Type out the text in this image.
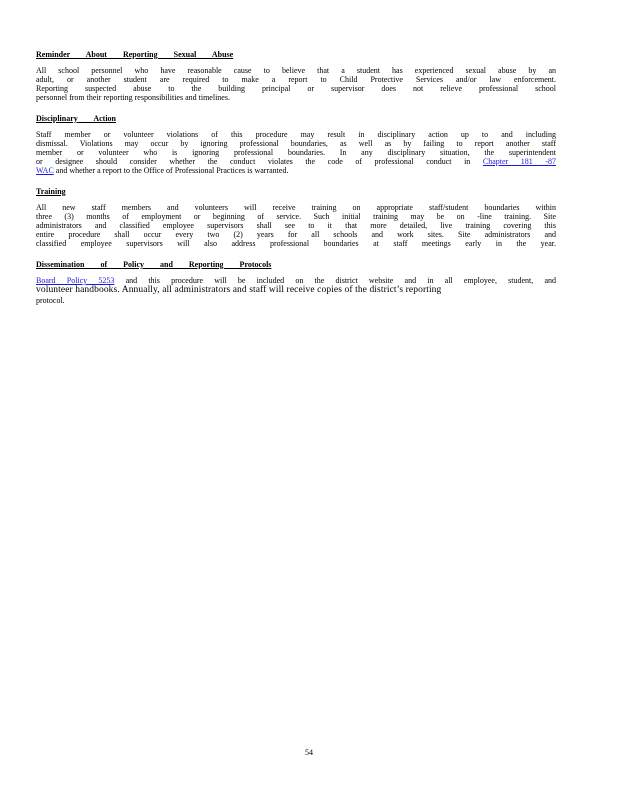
Reminder About Reporting Sexual Abuse
All school personnel who have reasonable cause to believe that a student has experienced sexual abuse by an
adult, or another student are required to make a report to Child Protective Services and/or law enforcement.
Reporting suspected abuse to the building principal or supervisor does not relieve professional school
personnel from their reporting responsibilities and timelines.
Disciplinary Action
Staff member or volunteer violations of this procedure may result in disciplinary action up to and including
dismissal. Violations may occur by ignoring professional boundaries, as well as by failing to report another staff
member or volunteer who is ignoring professional boundaries. In any disciplinary situation, the superintendent
or designee should consider whether the conduct violates the code of professional conduct in Chapter 181 -87
WAC and whether a report to the Office of Professional Practices is warranted.
Training
All new staff members and volunteers will receive training on appropriate staff/student boundaries within
three (3) months of employment or beginning of service. Such initial training may be on -line training. Site
administrators and classified employee supervisors shall see to it that more detailed, live training covering this
entire procedure shall occur every two (2) years for all schools and work sites. Site administrators and
classified employee supervisors will also address professional boundaries at staff meetings early in the year.
Dissemination of Policy and Reporting Protocols
Board Policy 5253 and this procedure will be included on the district website and in all employee, student, and
volunteer handbooks. Annually, all administrators and staff will receive copies of the district’s reporting
protocol.
54
